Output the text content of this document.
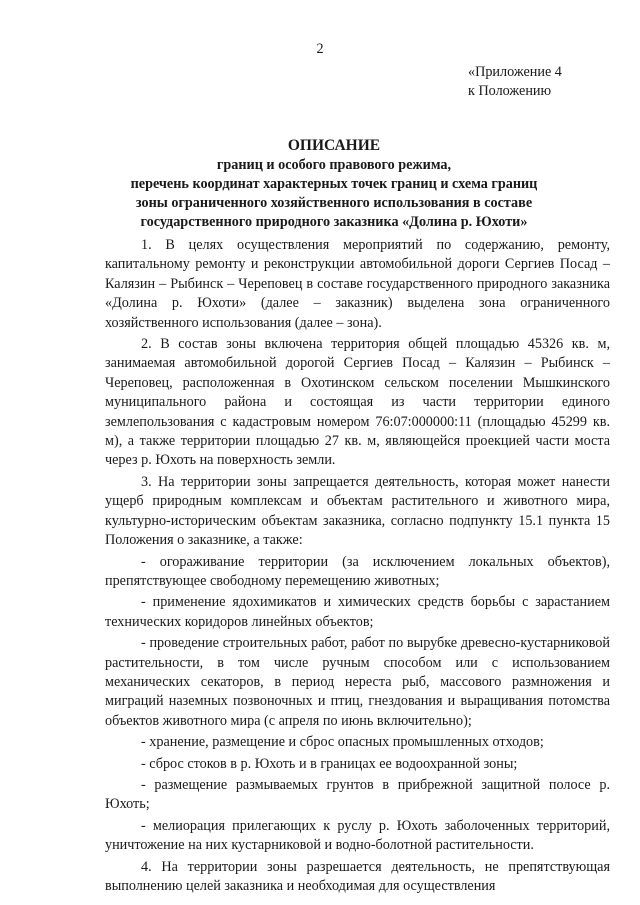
2
«Приложение 4
к Положению
ОПИСАНИЕ
границ и особого правового режима,
перечень координат характерных точек границ и схема границ
зоны ограниченного хозяйственного использования в составе
государственного природного заказника «Долина р. Юхоти»

1. В целях осуществления мероприятий по содержанию, ремонту, капитальному ремонту и реконструкции автомобильной дороги Сергиев Посад – Калязин – Рыбинск – Череповец в составе государственного природного заказника «Долина р. Юхоти» (далее – заказник) выделена зона ограниченного хозяйственного использования (далее – зона).

2. В состав зоны включена территория общей площадью 45326 кв. м, занимаемая автомобильной дорогой Сергиев Посад – Калязин – Рыбинск – Череповец, расположенная в Охотинском сельском поселении Мышкинского муниципального района и состоящая из части территории единого землепользования с кадастровым номером 76:07:000000:11 (площадью 45299 кв. м), а также территории площадью 27 кв. м, являющейся проекцией части моста через р. Юхоть на поверхность земли.

3. На территории зоны запрещается деятельность, которая может нанести ущерб природным комплексам и объектам растительного и животного мира, культурно-историческим объектам заказника, согласно подпункту 15.1 пункта 15 Положения о заказнике, а также:

- огораживание территории (за исключением локальных объектов), препятствующее свободному перемещению животных;

- применение ядохимикатов и химических средств борьбы с зарастанием технических коридоров линейных объектов;

- проведение строительных работ, работ по вырубке древесно-кустарниковой растительности, в том числе ручным способом или с использованием механических секаторов, в период нереста рыб, массового размножения и миграций наземных позвоночных и птиц, гнездования и выращивания потомства объектов животного мира (с апреля по июнь включительно);

- хранение, размещение и сброс опасных промышленных отходов;

- сброс стоков в р. Юхоть и в границах ее водоохранной зоны;

- размещение размываемых грунтов в прибрежной защитной полосе р. Юхоть;

- мелиорация прилегающих к руслу р. Юхоть заболоченных территорий, уничтожение на них кустарниковой и водно-болотной растительности.

4. На территории зоны разрешается деятельность, не препятствующая выполнению целей заказника и необходимая для осуществления
